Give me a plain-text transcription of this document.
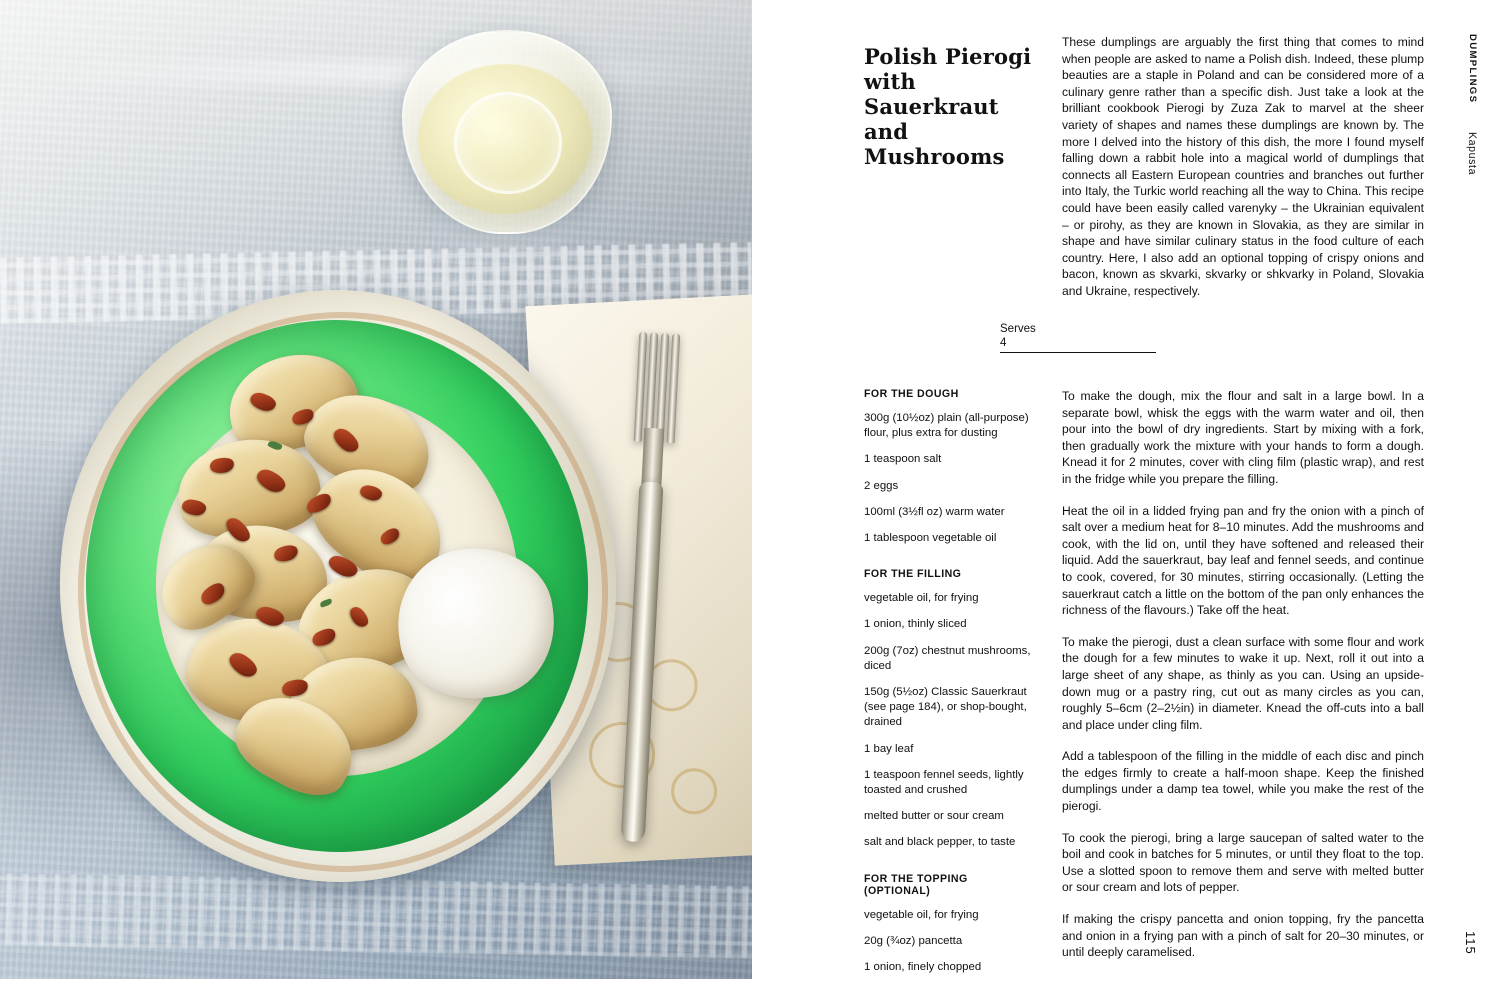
Polish Pierogi with Sauerkraut and Mushrooms
These dumplings are arguably the first thing that comes to mind when people are asked to name a Polish dish. Indeed, these plump beauties are a staple in Poland and can be considered more of a culinary genre rather than a specific dish. Just take a look at the brilliant cookbook Pierogi by Zuza Zak to marvel at the sheer variety of shapes and names these dumplings are known by. The more I delved into the history of this dish, the more I found myself falling down a rabbit hole into a magical world of dumplings that connects all Eastern European countries and branches out further into Italy, the Turkic world reaching all the way to China. This recipe could have been easily called varenyky – the Ukrainian equivalent – or pirohy, as they are known in Slovakia, as they are similar in shape and have similar culinary status in the food culture of each country. Here, I also add an optional topping of crispy onions and bacon, known as skvarki, skvarky or shkvarky in Poland, Slovakia and Ukraine, respectively.
Serves
4
FOR THE DOUGH
300g (10½oz) plain (all-purpose) flour, plus extra for dusting
1 teaspoon salt
2 eggs
100ml (3½fl oz) warm water
1 tablespoon vegetable oil
FOR THE FILLING
vegetable oil, for frying
1 onion, thinly sliced
200g (7oz) chestnut mushrooms, diced
150g (5½oz) Classic Sauerkraut (see page 184), or shop-bought, drained
1 bay leaf
1 teaspoon fennel seeds, lightly toasted and crushed
melted butter or sour cream
salt and black pepper, to taste
FOR THE TOPPING (OPTIONAL)
vegetable oil, for frying
20g (¾oz) pancetta
1 onion, finely chopped

To make the dough, mix the flour and salt in a large bowl. In a separate bowl, whisk the eggs with the warm water and oil, then pour into the bowl of dry ingredients. Start by mixing with a fork, then gradually work the mixture with your hands to form a dough. Knead it for 2 minutes, cover with cling film (plastic wrap), and rest in the fridge while you prepare the filling.

Heat the oil in a lidded frying pan and fry the onion with a pinch of salt over a medium heat for 8–10 minutes. Add the mushrooms and cook, with the lid on, until they have softened and released their liquid. Add the sauerkraut, bay leaf and fennel seeds, and continue to cook, covered, for 30 minutes, stirring occasionally. (Letting the sauerkraut catch a little on the bottom of the pan only enhances the richness of the flavours.) Take off the heat.

To make the pierogi, dust a clean surface with some flour and work the dough for a few minutes to wake it up. Next, roll it out into a large sheet of any shape, as thinly as you can. Using an upside-down mug or a pastry ring, cut out as many circles as you can, roughly 5–6cm (2–2½in) in diameter. Knead the off-cuts into a ball and place under cling film.

Add a tablespoon of the filling in the middle of each disc and pinch the edges firmly to create a half-moon shape. Keep the finished dumplings under a damp tea towel, while you make the rest of the pierogi.

To cook the pierogi, bring a large saucepan of salted water to the boil and cook in batches for 5 minutes, or until they float to the top. Use a slotted spoon to remove them and serve with melted butter or sour cream and lots of pepper.

If making the crispy pancetta and onion topping, fry the pancetta and onion in a frying pan with a pinch of salt for 20–30 minutes, or until deeply caramelised.

DUMPLINGS
Kapusta
115
